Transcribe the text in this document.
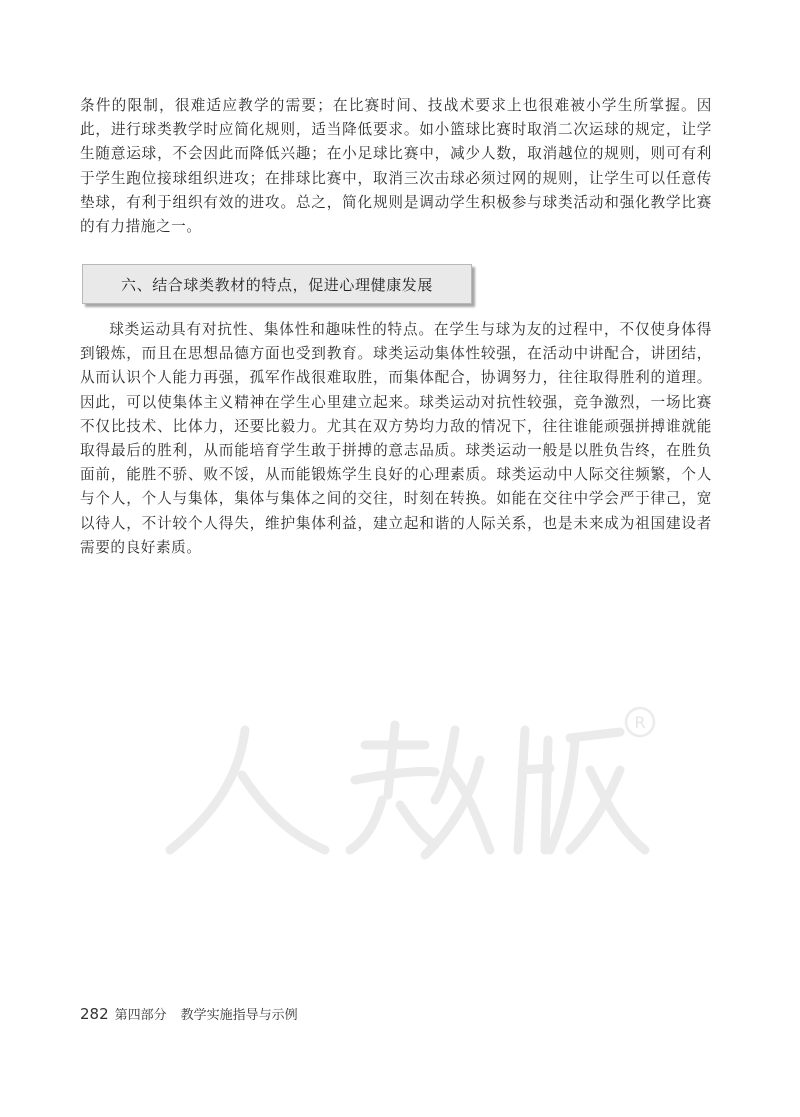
条件的限制，很难适应教学的需要；在比赛时间、技战术要求上也很难被小学生所掌握。因此，进行球类教学时应简化规则，适当降低要求。如小篮球比赛时取消二次运球的规定，让学生随意运球，不会因此而降低兴趣；在小足球比赛中，减少人数，取消越位的规则，则可有利于学生跑位接球组织进攻；在排球比赛中，取消三次击球必须过网的规则，让学生可以任意传垫球，有利于组织有效的进攻。总之，简化规则是调动学生积极参与球类活动和强化教学比赛的有力措施之一。

六、结合球类教材的特点，促进心理健康发展

球类运动具有对抗性、集体性和趣味性的特点。在学生与球为友的过程中，不仅使身体得到锻炼，而且在思想品德方面也受到教育。球类运动集体性较强，在活动中讲配合，讲团结，从而认识个人能力再强，孤军作战很难取胜，而集体配合，协调努力，往往取得胜利的道理。因此，可以使集体主义精神在学生心里建立起来。球类运动对抗性较强，竞争激烈，一场比赛不仅比技术、比体力，还要比毅力。尤其在双方势均力敌的情况下，往往谁能顽强拼搏谁就能取得最后的胜利，从而能培育学生敢于拼搏的意志品质。球类运动一般是以胜负告终，在胜负面前，能胜不骄、败不馁，从而能锻炼学生良好的心理素质。球类运动中人际交往频繁，个人与个人，个人与集体，集体与集体之间的交往，时刻在转换。如能在交往中学会严于律己，宽以待人，不计较个人得失，维护集体利益，建立起和谐的人际关系，也是未来成为祖国建设者需要的良好素质。

R
282 第四部分 教学实施指导与示例
